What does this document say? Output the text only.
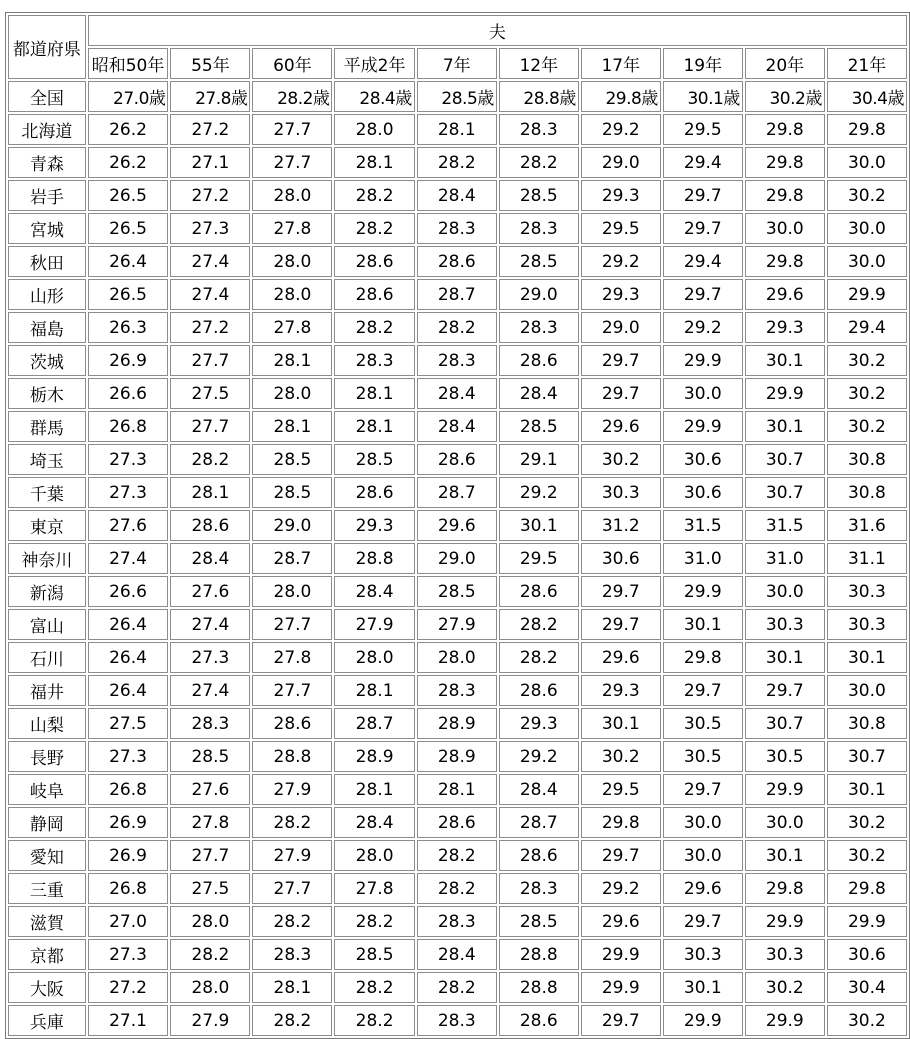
都道府県	夫									
	昭和50年	55年	60年	平成2年	7年	12年	17年	19年	20年	21年
全国	27.0歳	27.8歳	28.2歳	28.4歳	28.5歳	28.8歳	29.8歳	30.1歳	30.2歳	30.4歳
北海道	26.2	27.2	27.7	28.0	28.1	28.3	29.2	29.5	29.8	29.8
青森	26.2	27.1	27.7	28.1	28.2	28.2	29.0	29.4	29.8	30.0
岩手	26.5	27.2	28.0	28.2	28.4	28.5	29.3	29.7	29.8	30.2
宮城	26.5	27.3	27.8	28.2	28.3	28.3	29.5	29.7	30.0	30.0
秋田	26.4	27.4	28.0	28.6	28.6	28.5	29.2	29.4	29.8	30.0
山形	26.5	27.4	28.0	28.6	28.7	29.0	29.3	29.7	29.6	29.9
福島	26.3	27.2	27.8	28.2	28.2	28.3	29.0	29.2	29.3	29.4
茨城	26.9	27.7	28.1	28.3	28.3	28.6	29.7	29.9	30.1	30.2
栃木	26.6	27.5	28.0	28.1	28.4	28.4	29.7	30.0	29.9	30.2
群馬	26.8	27.7	28.1	28.1	28.4	28.5	29.6	29.9	30.1	30.2
埼玉	27.3	28.2	28.5	28.5	28.6	29.1	30.2	30.6	30.7	30.8
千葉	27.3	28.1	28.5	28.6	28.7	29.2	30.3	30.6	30.7	30.8
東京	27.6	28.6	29.0	29.3	29.6	30.1	31.2	31.5	31.5	31.6
神奈川	27.4	28.4	28.7	28.8	29.0	29.5	30.6	31.0	31.0	31.1
新潟	26.6	27.6	28.0	28.4	28.5	28.6	29.7	29.9	30.0	30.3
富山	26.4	27.4	27.7	27.9	27.9	28.2	29.7	30.1	30.3	30.3
石川	26.4	27.3	27.8	28.0	28.0	28.2	29.6	29.8	30.1	30.1
福井	26.4	27.4	27.7	28.1	28.3	28.6	29.3	29.7	29.7	30.0
山梨	27.5	28.3	28.6	28.7	28.9	29.3	30.1	30.5	30.7	30.8
長野	27.3	28.5	28.8	28.9	28.9	29.2	30.2	30.5	30.5	30.7
岐阜	26.8	27.6	27.9	28.1	28.1	28.4	29.5	29.7	29.9	30.1
静岡	26.9	27.8	28.2	28.4	28.6	28.7	29.8	30.0	30.0	30.2
愛知	26.9	27.7	27.9	28.0	28.2	28.6	29.7	30.0	30.1	30.2
三重	26.8	27.5	27.7	27.8	28.2	28.3	29.2	29.6	29.8	29.8
滋賀	27.0	28.0	28.2	28.2	28.3	28.5	29.6	29.7	29.9	29.9
京都	27.3	28.2	28.3	28.5	28.4	28.8	29.9	30.3	30.3	30.6
大阪	27.2	28.0	28.1	28.2	28.2	28.8	29.9	30.1	30.2	30.4
兵庫	27.1	27.9	28.2	28.2	28.3	28.6	29.7	29.9	29.9	30.2
